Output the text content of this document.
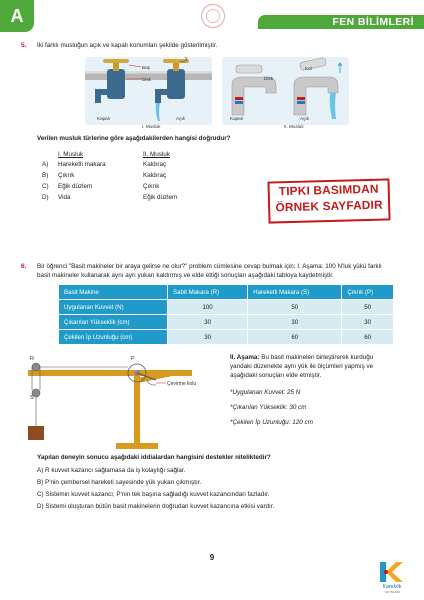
A	FEN BİLİMLERİ
5. İki farklı musluğun açık ve kapalı konumları şekilde gösterilmiştir.
Baş
Disk
Kapalı	Açık
I. Musluk
Kol
Disk
Kapalı	Açık
II. Musluk
Verilen musluk türlerine göre aşağıdakilerden hangisi doğrudur?
I. Musluk	II. Musluk
A) Hareketli makara	Kaldıraç
B) Çıkrık	Kaldıraç
C) Eğik düzlem	Çıkrık
D) Vida	Eğik düzlem	TIPKI BASIMDAN
ÖRNEK SAYFADIR
6. Bir öğrenci "Basit makineler bir araya gelirse ne olur?" problem cümlesine cevap bulmak için; I. Aşama: 100 N'luk yükü farklı
basit makineler kullanarak aynı ayrı yukarı kaldırmış ve elde ettiği sonuçları aşağıdaki tabloya kaydetmiştir.
Basit Makine	Sabit Makara (R)	Hareketli Makara (S)	Çıkrık (P)
Uygulanan Kuvvet (N)	100	50	50
Çıkarılan Yükseklik (cm)	30	30	30
Çekilen İp Uzunluğu (cm)	30	60	60
R	P
S
Çevirme kolu
II. Aşama: Bu basit makineleri birleştirerek kurduğu
yandaki düzenekte aynı yük ile ölçümleri yapmış ve
aşağıdaki sonuçları elde etmiştir.
*Uygulanan Kuvvet: 25 N
*Çıkarılan Yükseklik: 30 cm
*Çekilen İp Uzunluğu: 120 cm
Yapılan deneyin sonucu aşağıdaki iddialardan hangisini destekler niteliktedir?
A) R kuvvet kazancı sağlamasa da iş kolaylığı sağlar.
B) P'nin çembersel hareketi sayesinde yük yukarı çıkmıştır.
C) Sistemin kuvvet kazancı; P'nin tek başına sağladığı kuvvet kazancından fazladır.
D) Sistemi oluşturan bütün basit makinelerin doğrudan kuvvet kazancına etkisi vardır.
9
Karekök
YAYINLARI
